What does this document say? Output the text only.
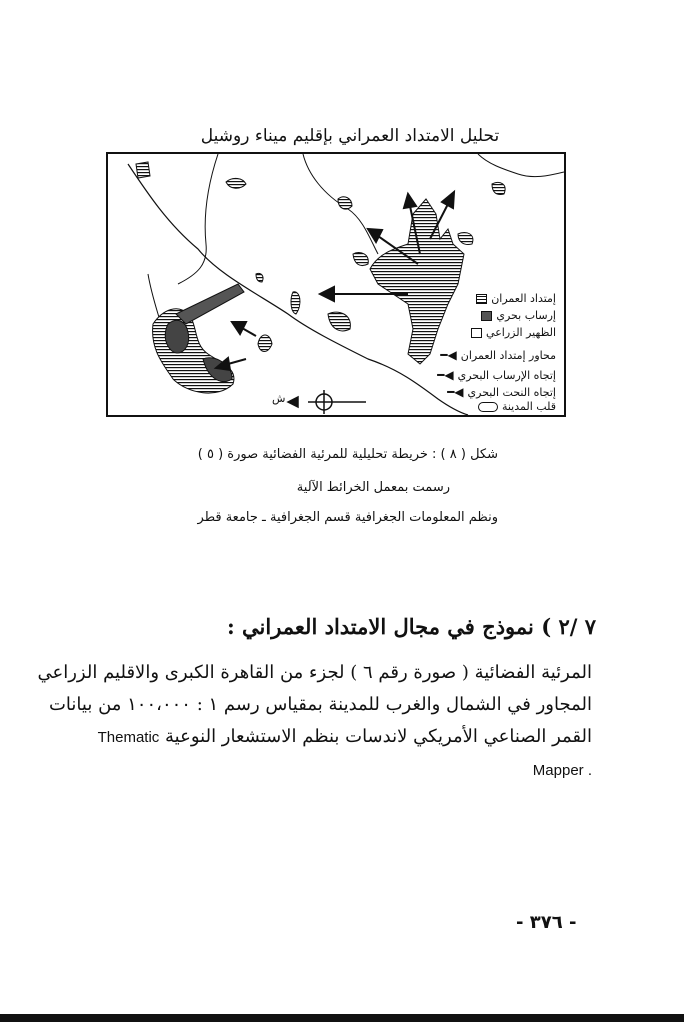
تحليل الامتداد العمراني بإقليم ميناء روشيل
إمتداد العمران
إرساب بحري
الظهير الزراعي
محاور إمتداد العمران
◀━
إتجاه الإرساب البحري
◀━
إتجاه النحت البحري
◀━
قلب المدينة
ش
شكل ( ٨ ) : خريطة تحليلية للمرئية الفضائية صورة ( ٥ )
رسمت بمعمل الخرائط الآلية
ونظم المعلومات الجغرافية قسم الجغرافية ـ جامعة قطر
٧ /٢ ) نموذج في مجال الامتداد العمراني :
المرئية الفضائية ( صورة رقم ٦ ) لجزء من القاهرة الكبرى والاقليم الزراعي
المجاور في الشمال والغرب للمدينة بمقياس رسم ١ : ١٠٠،٠٠٠ من بيانات
القمر الصناعي الأمريكي لاندسات بنظم الاستشعار النوعية Thematic
. Mapper
- ٣٧٦ -
